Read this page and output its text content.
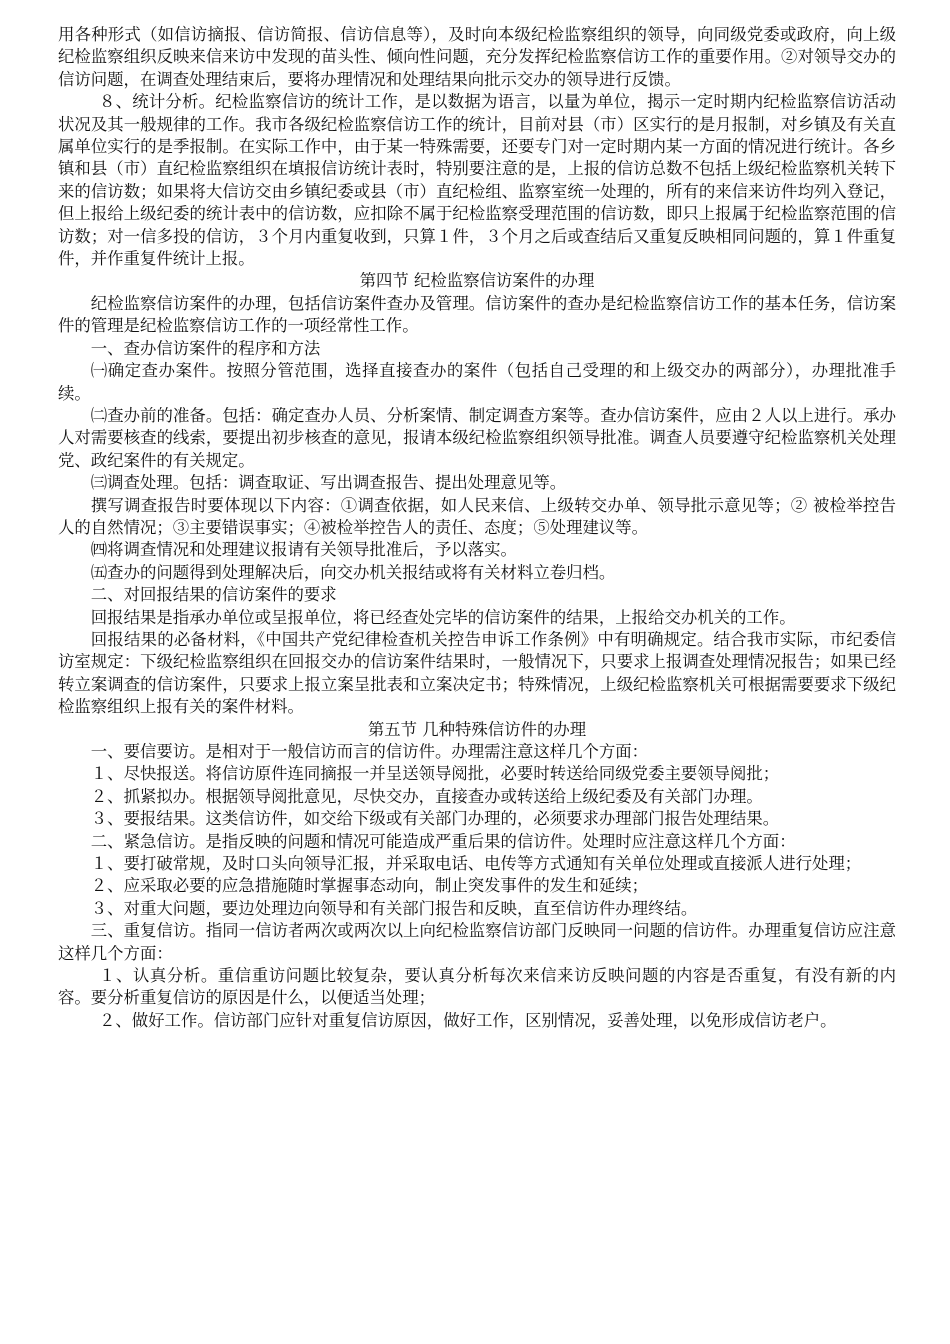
用各种形式（如信访摘报、信访简报、信访信息等），及时向本级纪检监察组织的领导，向同级党委或政府，向上级纪检监察组织反映来信来访中发现的苗头性、倾向性问题，充分发挥纪检监察信访工作的重要作用。②对领导交办的信访问题，在调查处理结束后，要将办理情况和处理结果向批示交办的领导进行反馈。

８、统计分析。纪检监察信访的统计工作，是以数据为语言，以量为单位，揭示一定时期内纪检监察信访活动状况及其一般规律的工作。我市各级纪检监察信访工作的统计，目前对县（市）区实行的是月报制，对乡镇及有关直属单位实行的是季报制。在实际工作中，由于某一特殊需要，还要专门对一定时期内某一方面的情况进行统计。各乡镇和县（市）直纪检监察组织在填报信访统计表时，特别要注意的是，上报的信访总数不包括上级纪检监察机关转下来的信访数；如果将大信访交由乡镇纪委或县（市）直纪检组、监察室统一处理的，所有的来信来访件均列入登记，但上报给上级纪委的统计表中的信访数，应扣除不属于纪检监察受理范围的信访数，即只上报属于纪检监察范围的信访数；对一信多投的信访，３个月内重复收到，只算１件，３个月之后或查结后又重复反映相同问题的，算１件重复件，并作重复件统计上报。

第四节 纪检监察信访案件的办理

纪检监察信访案件的办理，包括信访案件查办及管理。信访案件的查办是纪检监察信访工作的基本任务，信访案件的管理是纪检监察信访工作的一项经常性工作。

一、查办信访案件的程序和方法

㈠确定查办案件。按照分管范围，选择直接查办的案件（包括自己受理的和上级交办的两部分），办理批准手续。

㈡查办前的准备。包括：确定查办人员、分析案情、制定调查方案等。查办信访案件，应由２人以上进行。承办人对需要核查的线索，要提出初步核查的意见，报请本级纪检监察组织领导批准。调查人员要遵守纪检监察机关处理党、政纪案件的有关规定。

㈢调查处理。包括：调查取证、写出调查报告、提出处理意见等。

撰写调查报告时要体现以下内容：①调查依据，如人民来信、上级转交办单、领导批示意见等；② 被检举控告人的自然情况；③主要错误事实；④被检举控告人的责任、态度；⑤处理建议等。

㈣将调查情况和处理建议报请有关领导批准后，予以落实。

㈤查办的问题得到处理解决后，向交办机关报结或将有关材料立卷归档。

二、对回报结果的信访案件的要求

回报结果是指承办单位或呈报单位，将已经查处完毕的信访案件的结果，上报给交办机关的工作。

回报结果的必备材料，《中国共产党纪律检查机关控告申诉工作条例》中有明确规定。结合我市实际，市纪委信访室规定：下级纪检监察组织在回报交办的信访案件结果时，一般情况下，只要求上报调查处理情况报告；如果已经转立案调查的信访案件，只要求上报立案呈批表和立案决定书；特殊情况，上级纪检监察机关可根据需要要求下级纪检监察组织上报有关的案件材料。

第五节 几种特殊信访件的办理

一、要信要访。是相对于一般信访而言的信访件。办理需注意这样几个方面：

１、尽快报送。将信访原件连同摘报一并呈送领导阅批，必要时转送给同级党委主要领导阅批；

２、抓紧拟办。根据领导阅批意见，尽快交办，直接查办或转送给上级纪委及有关部门办理。

３、要报结果。这类信访件，如交给下级或有关部门办理的，必须要求办理部门报告处理结果。

二、紧急信访。是指反映的问题和情况可能造成严重后果的信访件。处理时应注意这样几个方面：

１、要打破常规，及时口头向领导汇报，并采取电话、电传等方式通知有关单位处理或直接派人进行处理；

２、应采取必要的应急措施随时掌握事态动向，制止突发事件的发生和延续；

３、对重大问题，要边处理边向领导和有关部门报告和反映，直至信访件办理终结。

三、重复信访。指同一信访者两次或两次以上向纪检监察信访部门反映同一问题的信访件。办理重复信访应注意这样几个方面：

１、认真分析。重信重访问题比较复杂，要认真分析每次来信来访反映问题的内容是否重复，有没有新的内容。要分析重复信访的原因是什么，以便适当处理；

２、做好工作。信访部门应针对重复信访原因，做好工作，区别情况，妥善处理，以免形成信访老户。
